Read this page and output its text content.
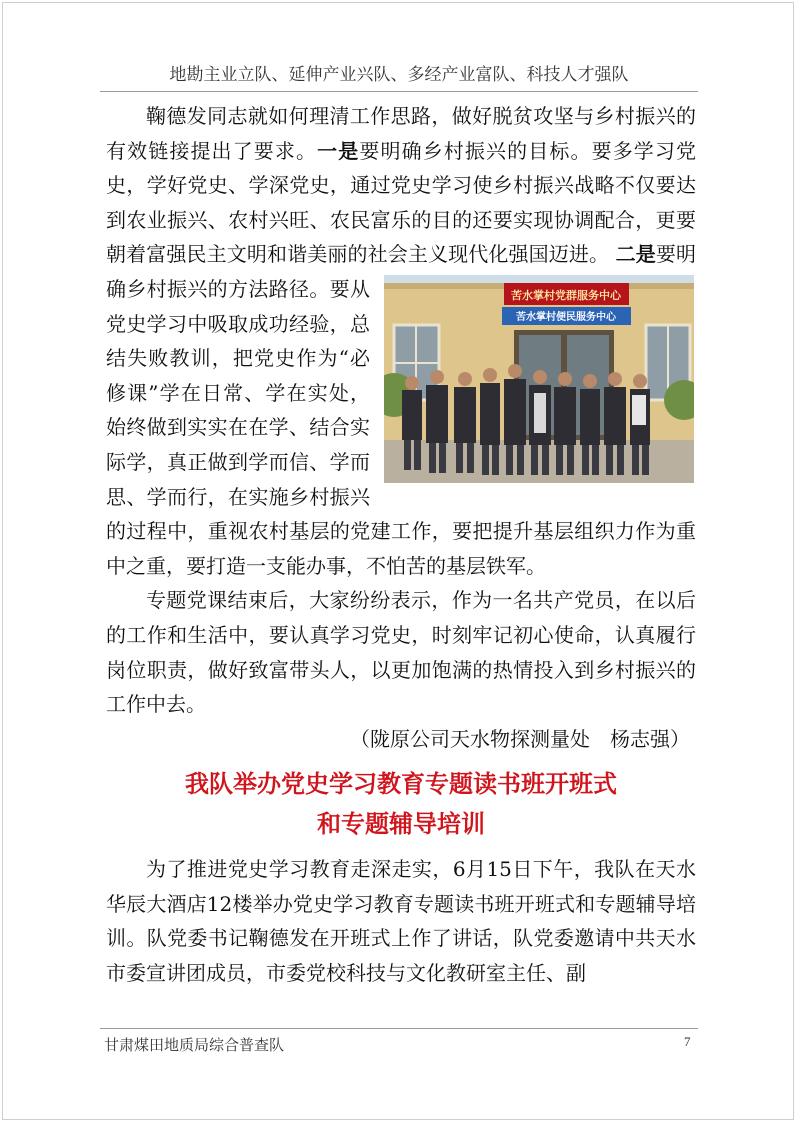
地勘主业立队、延伸产业兴队、多经产业富队、科技人才强队

鞠德发同志就如何理清工作思路，做好脱贫攻坚与乡村振兴的有效链接提出了要求。一是要明确乡村振兴的目标。要多学习党史，学好党史、学深党史，通过党史学习使乡村振兴战略不仅要达到农业振兴、农村兴旺、农民富乐的目的还要实现协调配合，更要朝着富强民主文明和谐美丽的社会主义现代化强国迈进。
苦水掌村党群服务中心
苦水掌村便民服务中心
二是要明确乡村振兴的方法路径。要从党史学习中吸取成功经验，总结失败教训，把党史作为“必修课”学在日常、学在实处，始终做到实实在在学、结合实际学，真正做到学而信、学而思、学而行，在实施乡村振兴的过程中，重视农村基层的党建工作，要把提升基层组织力作为重中之重，要打造一支能办事，不怕苦的基层铁军。

专题党课结束后，大家纷纷表示，作为一名共产党员，在以后的工作和生活中，要认真学习党史，时刻牢记初心使命，认真履行岗位职责，做好致富带头人，以更加饱满的热情投入到乡村振兴的工作中去。

（陇原公司天水物探测量处　杨志强）

我队举办党史学习教育专题读书班开班式
和专题辅导培训

为了推进党史学习教育走深走实，6月15日下午，我队在天水华辰大酒店12楼举办党史学习教育专题读书班开班式和专题辅导培训。队党委书记鞠德发在开班式上作了讲话，队党委邀请中共天水市委宣讲团成员，市委党校科技与文化教研室主任、副

甘肃煤田地质局综合普查队	7
